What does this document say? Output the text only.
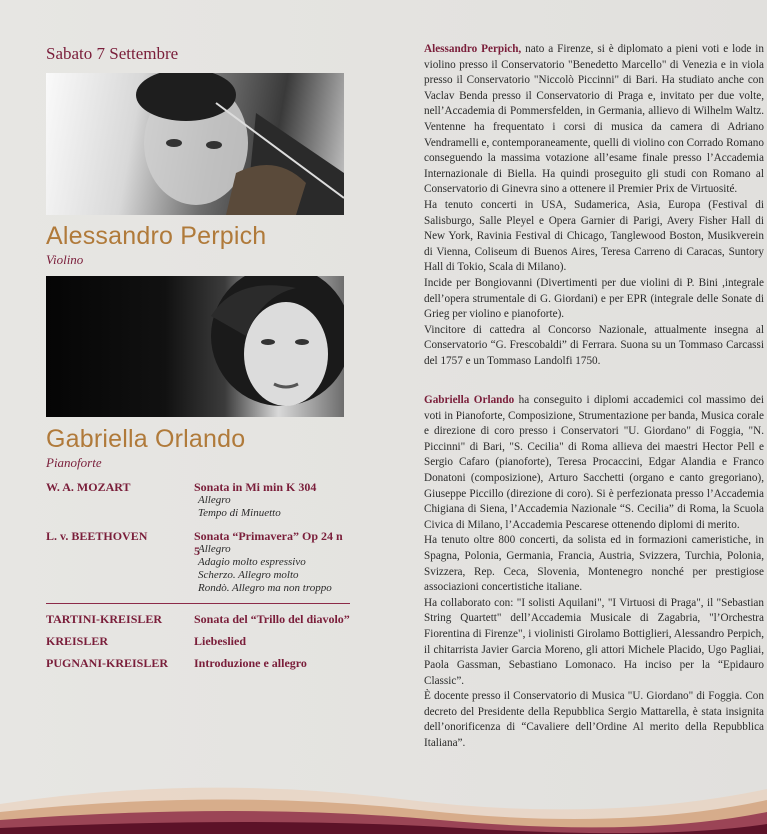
Sabato 7 Settembre
Alessandro Perpich
Violino
Gabriella Orlando
Pianoforte
W. A. MOZART	Sonata in Mi min K 304
Allegro
Tempo di Minuetto
L. v. BEETHOVEN	Sonata “Primavera” Op 24 n 5
Allegro
Adagio molto espressivo
Scherzo. Allegro molto
Rondò. Allegro ma non troppo
TARTINI-KREISLER	Sonata del “Trillo del diavolo”
KREISLER	Liebeslied
PUGNANI-KREISLER Introduzione e allegro

Alessandro Perpich, nato a Firenze, si è diplomato a pieni voti e lode in violino presso il Conservatorio "Benedetto Marcello" di Venezia e in viola presso il Conservatorio "Niccolò Piccinni" di Bari. Ha studiato anche con Vaclav Benda presso il Conservatorio di Praga e, invitato per due volte, nell’Accademia di Pommersfelden, in Germania, allievo di Wilhelm Waltz. Ventenne ha frequentato i corsi di musica da camera di Adriano Vendramelli e, contemporaneamente, quelli di violino con Corrado Romano conseguendo la massima votazione all’esame finale presso l’Accademia Internazionale di Biella. Ha quindi proseguito gli studi con Romano al Conservatorio di Ginevra sino a ottenere il Premier Prix de Virtuosité.

Ha tenuto concerti in USA, Sudamerica, Asia, Europa (Festival di Salisburgo, Salle Pleyel e Opera Garnier di Parigi, Avery Fisher Hall di New York, Ravinia Festival di Chicago, Tanglewood Boston, Musikverein di Vienna, Coliseum di Buenos Aires, Teresa Carreno di Caracas, Suntory Hall di Tokio, Scala di Milano).

Incide per Bongiovanni (Divertimenti per due violini di P. Bini ,integrale dell’opera strumentale di G. Giordani) e per EPR (integrale delle Sonate di Grieg per violino e pianoforte).

Vincitore di cattedra al Concorso Nazionale, attualmente insegna al Conservatorio “G. Frescobaldi” di Ferrara. Suona su un Tommaso Carcassi del 1757 e un Tommaso Landolfi 1750.

Gabriella Orlando ha conseguito i diplomi accademici col massimo dei voti in Pianoforte, Composizione, Strumentazione per banda, Musica corale e direzione di coro presso i Conservatori "U. Giordano" di Foggia, "N. Piccinni" di Bari, "S. Cecilia" di Roma allieva dei maestri Hector Pell e Sergio Cafaro (pianoforte), Teresa Procaccini, Edgar Alandia e Franco Donatoni (composizione), Arturo Sacchetti (organo e canto gregoriano), Giuseppe Piccillo (direzione di coro). Si è perfezionata presso l’Accademia Chigiana di Siena, l’Accademia Nazionale “S. Cecilia” di Roma, la Scuola Civica di Milano, l’Accademia Pescarese ottenendo diplomi di merito.

Ha tenuto oltre 800 concerti, da solista ed in formazioni cameristiche, in Spagna, Polonia, Germania, Francia, Austria, Svizzera, Turchia, Polonia, Svizzera, Rep. Ceca, Slovenia, Montenegro nonché per prestigiose associazioni concertistiche italiane.

Ha collaborato con: "I solisti Aquilani", "I Virtuosi di Praga", il "Sebastian String Quartett" dell’Accademia Musicale di Zagabria, "l’Orchestra Fiorentina di Firenze", i violinisti Girolamo Bottiglieri, Alessandro Perpich, il chitarrista Javier Garcia Moreno, gli attori Michele Placido, Ugo Pagliai, Paola Gassman, Sebastiano Lomonaco. Ha inciso per la “Epidauro Classic”.

È docente presso il Conservatorio di Musica "U. Giordano" di Foggia. Con decreto del Presidente della Repubblica Sergio Mattarella, è stata insignita dell’onorificenza di “Cavaliere dell’Ordine Al merito della Repubblica Italiana”.
